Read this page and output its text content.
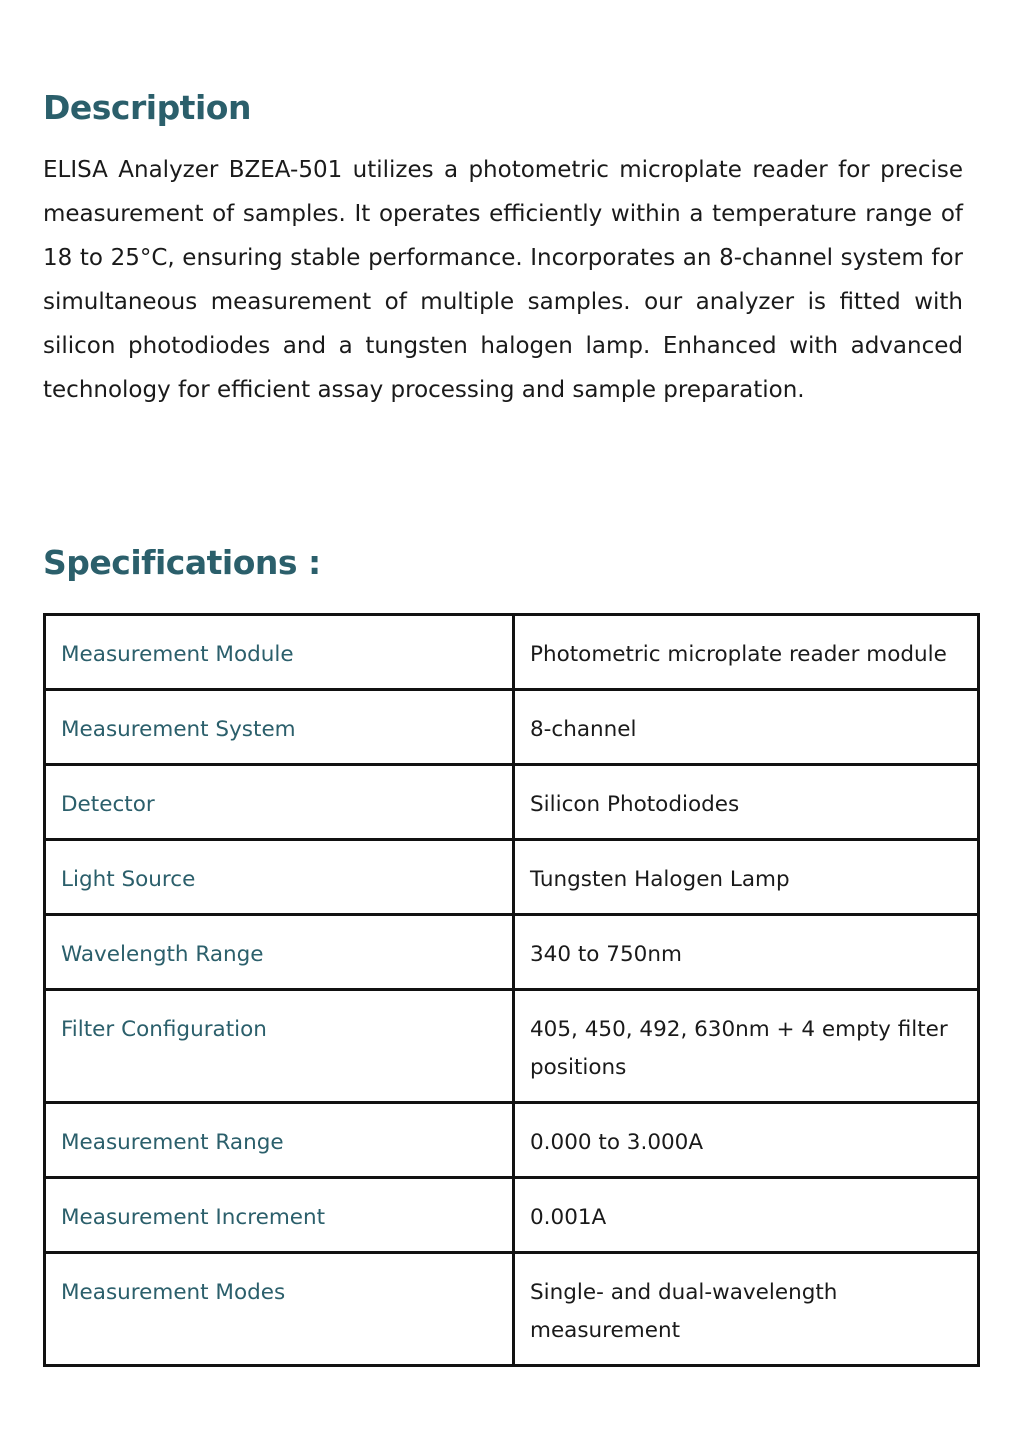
Description

ELISA Analyzer BZEA-501 utilizes a photometric microplate reader for precise measurement of samples. It operates efficiently within a temperature range of 18 to 25°C, ensuring stable performance. Incorporates an 8-channel system for simultaneous measurement of multiple samples. our analyzer is fitted with silicon photodiodes and a tungsten halogen lamp. Enhanced with advanced technology for efficient assay processing and sample preparation.

Specifications :
Measurement Module	Photometric microplate reader module
Measurement System	8-channel
Detector	Silicon Photodiodes
Light Source	Tungsten Halogen Lamp
Wavelength Range	340 to 750nm
Filter Configuration	405, 450, 492, 630nm + 4 empty filter positions
Measurement Range	0.000 to 3.000A
Measurement Increment	0.001A
Measurement Modes	Single- and dual-wavelength measurement
